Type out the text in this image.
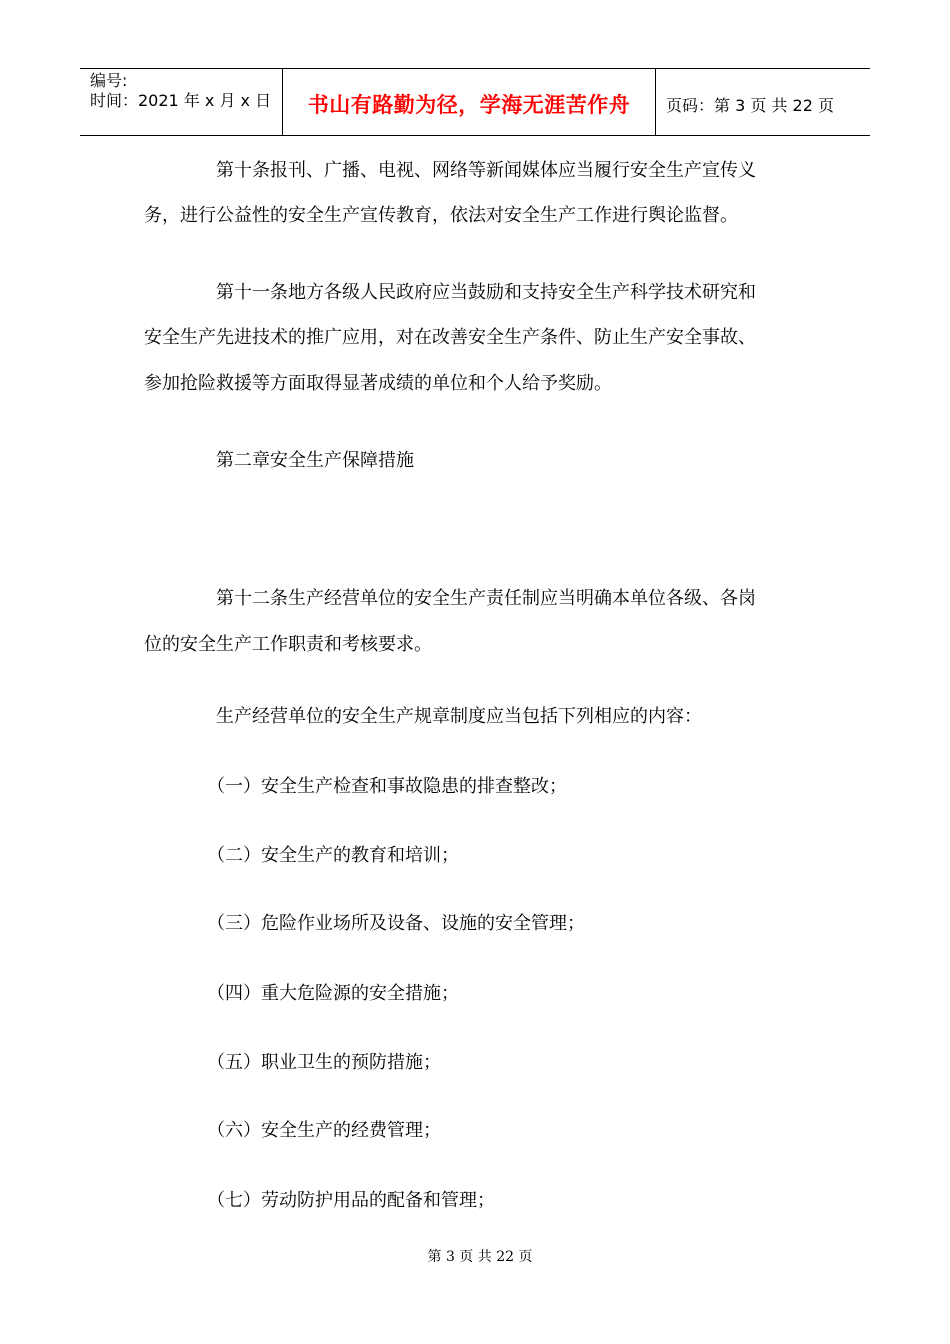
编号:
时间：2021 年 x 月 x 日	书山有路勤为径，学海无涯苦作舟	页码：第 3 页 共 22 页
　　　　第十条报刊、广播、电视、网络等新闻媒体应当履行安全生产宣传义
务，进行公益性的安全生产宣传教育，依法对安全生产工作进行舆论监督。
　　　　第十一条地方各级人民政府应当鼓励和支持安全生产科学技术研究和
安全生产先进技术的推广应用，对在改善安全生产条件、防止生产安全事故、
参加抢险救援等方面取得显著成绩的单位和个人给予奖励。
　　　　第二章安全生产保障措施
　　　　第十二条生产经营单位的安全生产责任制应当明确本单位各级、各岗
位的安全生产工作职责和考核要求。
　　　　生产经营单位的安全生产规章制度应当包括下列相应的内容：
　　　　（一）安全生产检查和事故隐患的排查整改；
　　　　（二）安全生产的教育和培训；
　　　　（三）危险作业场所及设备、设施的安全管理；
　　　　（四）重大危险源的安全措施；
　　　　（五）职业卫生的预防措施；
　　　　（六）安全生产的经费管理；
　　　　（七）劳动防护用品的配备和管理；
第 3 页 共 22 页
